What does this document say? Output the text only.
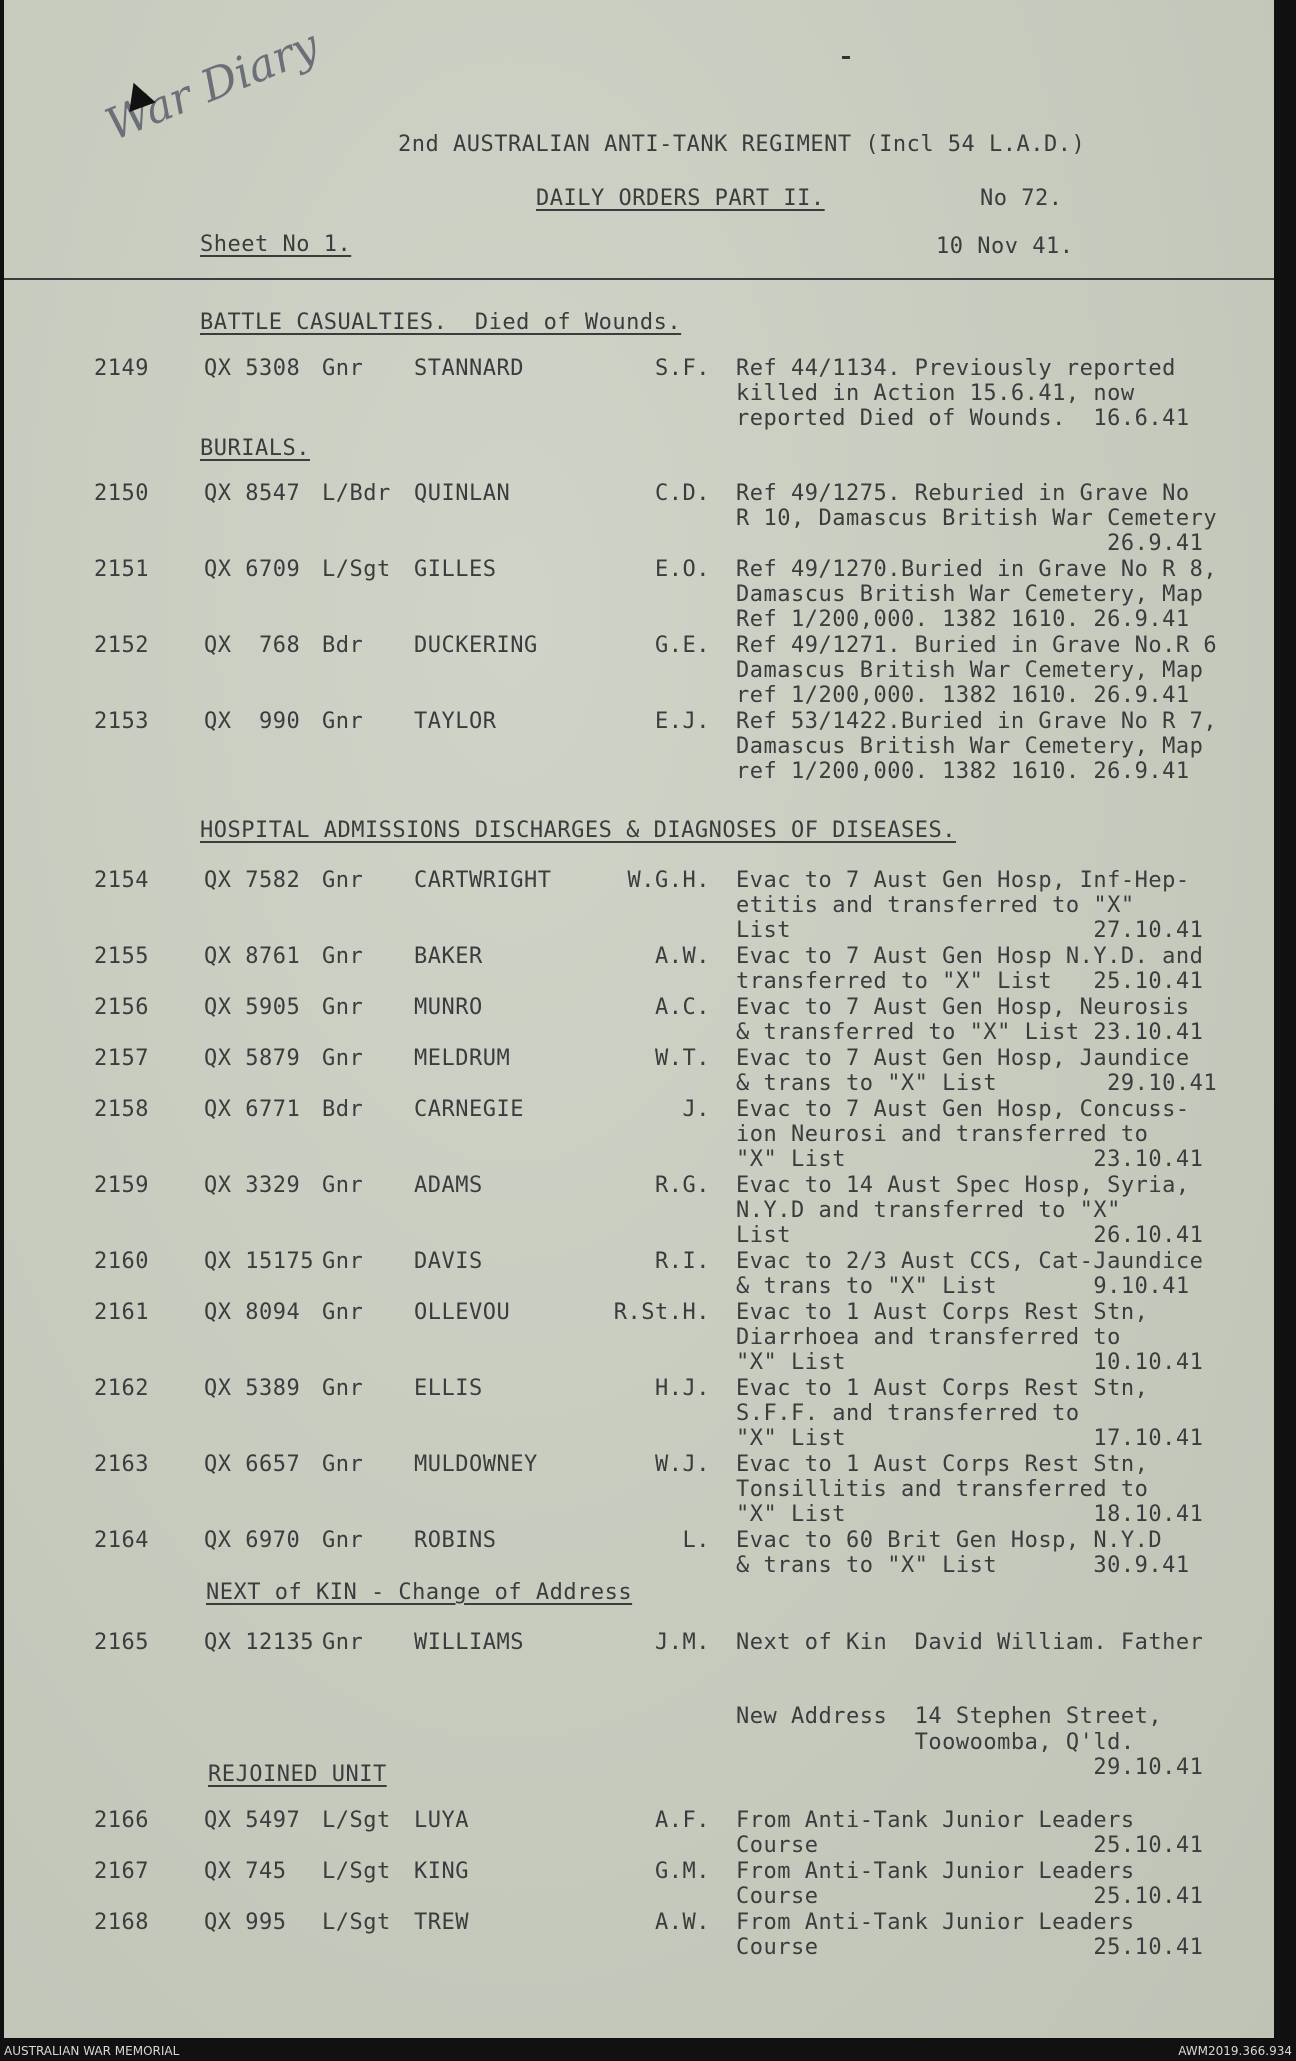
War Diary	2nd AUSTRALIAN ANTI-TANK REGIMENT (Incl 54 L.A.D.)
DAILY ORDERS PART II.	No 72.
Sheet No 1.	10 Nov 41.
BATTLE CASUALTIES.  Died of Wounds.
BURIALS.
HOSPITAL ADMISSIONS DISCHARGES & DIAGNOSES OF DISEASES.
NEXT of KIN - Change of Address
REJOINED UNIT
2149	QX 5308 Gnr STANNARD	S.F. Ref 44/1134. Previously reported
killed in Action 15.6.41, now
reported Died of Wounds.  16.6.41
2150	QX 8547 L/Bdr QUINLAN	C.D. Ref 49/1275. Reburied in Grave No
R 10, Damascus British War Cemetery
26.9.41
2151	QX 6709 L/Sgt GILLES	E.O. Ref 49/1270.Buried in Grave No R 8,
Damascus British War Cemetery, Map
Ref 1/200,000. 1382 1610. 26.9.41
2152	QX  768 Bdr DUCKERING	G.E. Ref 49/1271. Buried in Grave No.R 6
Damascus British War Cemetery, Map
ref 1/200,000. 1382 1610. 26.9.41
2153	QX  990 Gnr TAYLOR	E.J. Ref 53/1422.Buried in Grave No R 7,
Damascus British War Cemetery, Map
ref 1/200,000. 1382 1610. 26.9.41
2154	QX 7582 Gnr CARTWRIGHT	W.G.H. Evac to 7 Aust Gen Hosp, Inf-Hep-
etitis and transferred to "X"
List                      27.10.41
2155	QX 8761 Gnr BAKER	A.W. Evac to 7 Aust Gen Hosp N.Y.D. and
transferred to "X" List   25.10.41
2156	QX 5905 Gnr MUNRO	A.C. Evac to 7 Aust Gen Hosp, Neurosis
& transferred to "X" List 23.10.41
2157	QX 5879 Gnr MELDRUM	W.T. Evac to 7 Aust Gen Hosp, Jaundice
& trans to "X" List        29.10.41
2158	QX 6771 Bdr CARNEGIE	J. Evac to 7 Aust Gen Hosp, Concuss-
ion Neurosi and transferred to
"X" List                  23.10.41
2159	QX 3329 Gnr ADAMS	R.G. Evac to 14 Aust Spec Hosp, Syria,
N.Y.D and transferred to "X"
List                      26.10.41
2160	QX 15175 Gnr DAVIS	R.I. Evac to 2/3 Aust CCS, Cat-Jaundice
& trans to "X" List       9.10.41
2161	QX 8094 Gnr OLLEVOU	R.St.H. Evac to 1 Aust Corps Rest Stn,
Diarrhoea and transferred to
"X" List                  10.10.41
2162	QX 5389 Gnr ELLIS	H.J. Evac to 1 Aust Corps Rest Stn,
S.F.F. and transferred to
"X" List                  17.10.41
2163	QX 6657 Gnr MULDOWNEY	W.J. Evac to 1 Aust Corps Rest Stn,
Tonsillitis and transferred to
"X" List                  18.10.41
2164	QX 6970 Gnr ROBINS	L. Evac to 60 Brit Gen Hosp, N.Y.D
& trans to "X" List       30.9.41
2165	QX 12135 Gnr WILLIAMS	J.M. Next of Kin  David William. Father
New Address  14 Stephen Street,
Toowoomba, Q'ld.
29.10.41
2166	QX 5497 L/Sgt LUYA	A.F. From Anti-Tank Junior Leaders
Course                    25.10.41
2167	QX 745 L/Sgt KING	G.M. From Anti-Tank Junior Leaders
Course                    25.10.41
2168	QX 995 L/Sgt TREW	A.W. From Anti-Tank Junior Leaders
Course                    25.10.41
AUSTRALIAN WAR MEMORIAL	AWM2019.366.934
